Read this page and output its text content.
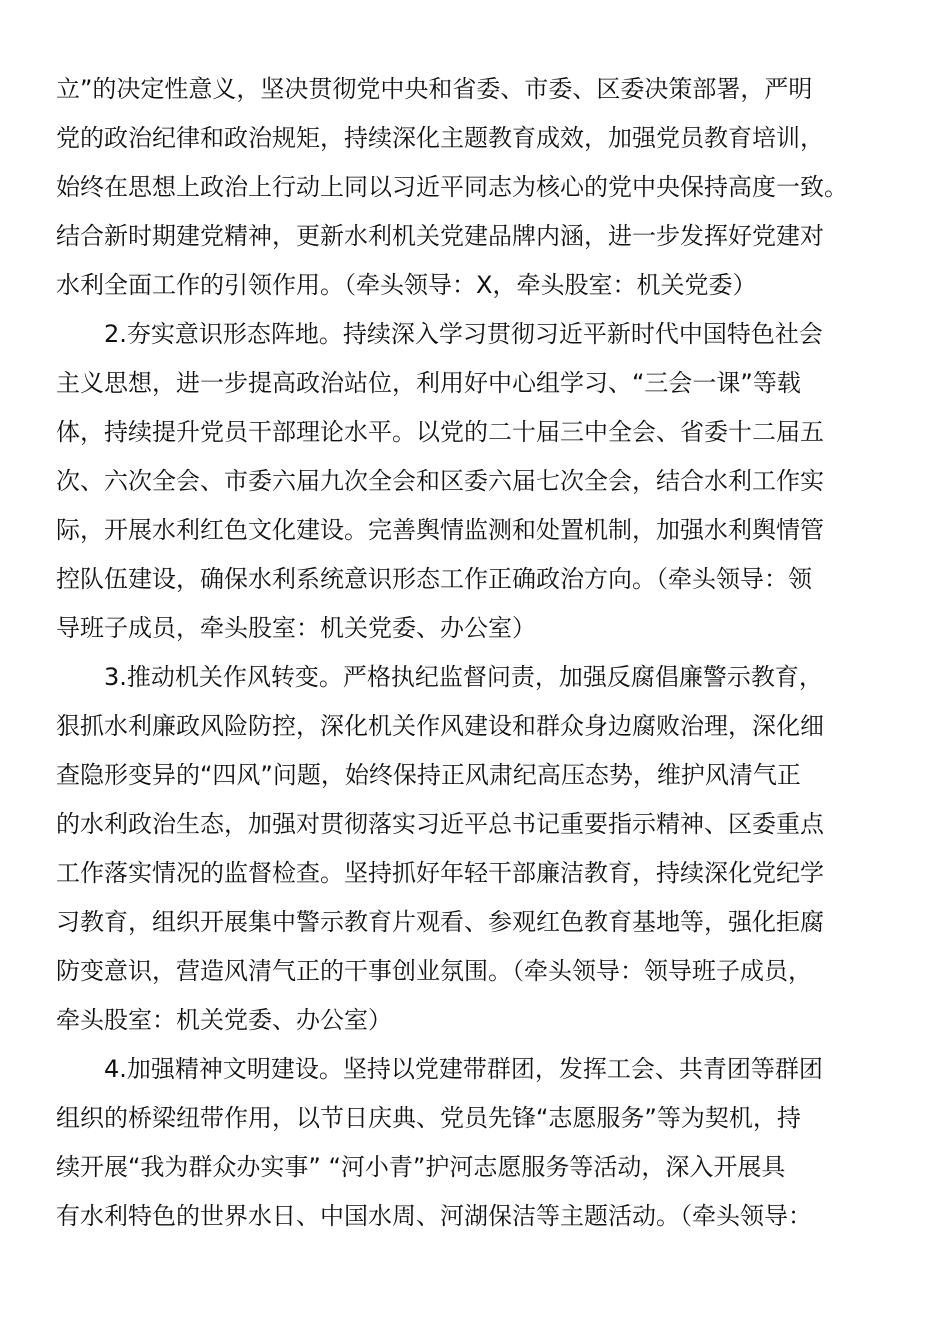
立”的决定性意义，坚决贯彻党中央和省委、市委、区委决策部署，严明
党的政治纪律和政治规矩，持续深化主题教育成效，加强党员教育培训，
始终在思想上政治上行动上同以习近平同志为核心的党中央保持高度一致。
结合新时期建党精神，更新水利机关党建品牌内涵，进一步发挥好党建对
水利全面工作的引领作用。（牵头领导：X，牵头股室：机关党委）
2.夯实意识形态阵地。持续深入学习贯彻习近平新时代中国特色社会
主义思想，进一步提高政治站位，利用好中心组学习、“三会一课”等载
体，持续提升党员干部理论水平。以党的二十届三中全会、省委十二届五
次、六次全会、市委六届九次全会和区委六届七次全会，结合水利工作实
际，开展水利红色文化建设。完善舆情监测和处置机制，加强水利舆情管
控队伍建设，确保水利系统意识形态工作正确政治方向。（牵头领导：领
导班子成员，牵头股室：机关党委、办公室）
3.推动机关作风转变。严格执纪监督问责，加强反腐倡廉警示教育，
狠抓水利廉政风险防控，深化机关作风建设和群众身边腐败治理，深化细
查隐形变异的“四风”问题，始终保持正风肃纪高压态势，维护风清气正
的水利政治生态，加强对贯彻落实习近平总书记重要指示精神、区委重点
工作落实情况的监督检查。坚持抓好年轻干部廉洁教育，持续深化党纪学
习教育，组织开展集中警示教育片观看、参观红色教育基地等，强化拒腐
防变意识，营造风清气正的干事创业氛围。（牵头领导：领导班子成员，
牵头股室：机关党委、办公室）
4.加强精神文明建设。坚持以党建带群团，发挥工会、共青团等群团
组织的桥梁纽带作用，以节日庆典、党员先锋“志愿服务”等为契机，持
续开展“我为群众办实事” “河小青”护河志愿服务等活动，深入开展具
有水利特色的世界水日、中国水周、河湖保洁等主题活动。（牵头领导：
